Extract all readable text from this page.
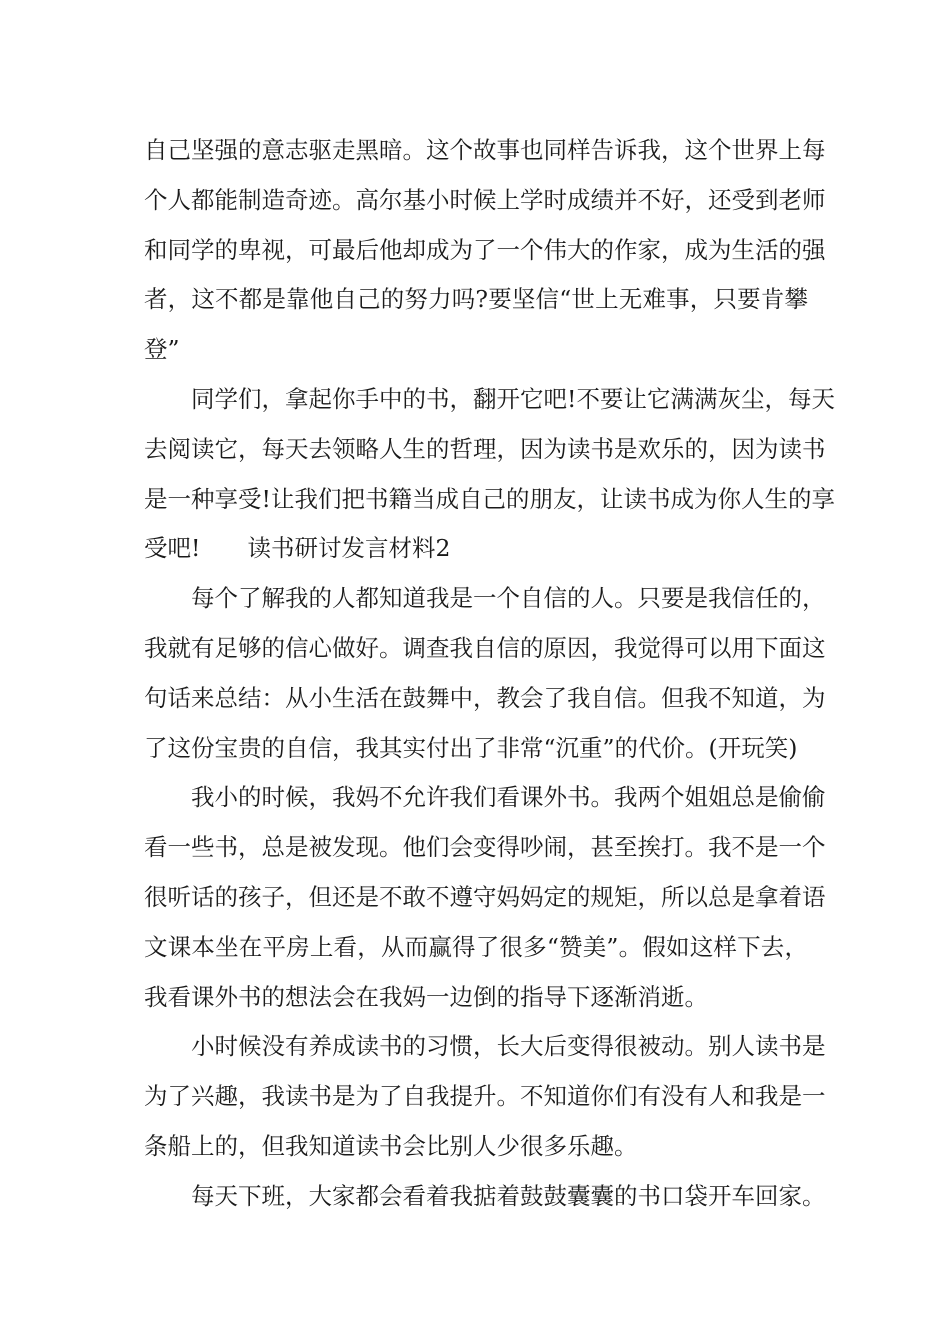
自己坚强的意志驱走黑暗。这个故事也同样告诉我，这个世界上每
个人都能制造奇迹。高尔基小时候上学时成绩并不好，还受到老师
和同学的卑视，可最后他却成为了一个伟大的作家，成为生活的强
者，这不都是靠他自己的努力吗?要坚信“世上无难事，只要肯攀
登”
同学们，拿起你手中的书，翻开它吧!不要让它满满灰尘，每天
去阅读它，每天去领略人生的哲理，因为读书是欢乐的，因为读书
是一种享受!让我们把书籍当成自己的朋友，让读书成为你人生的享
受吧! 读书研讨发言材料2
每个了解我的人都知道我是一个自信的人。只要是我信任的，
我就有足够的信心做好。调查我自信的原因，我觉得可以用下面这
句话来总结：从小生活在鼓舞中，教会了我自信。但我不知道，为
了这份宝贵的自信，我其实付出了非常“沉重”的代价。(开玩笑)
我小的时候，我妈不允许我们看课外书。我两个姐姐总是偷偷
看一些书，总是被发现。他们会变得吵闹，甚至挨打。我不是一个
很听话的孩子，但还是不敢不遵守妈妈定的规矩，所以总是拿着语
文课本坐在平房上看，从而赢得了很多“赞美”。假如这样下去，
我看课外书的想法会在我妈一边倒的指导下逐渐消逝。
小时候没有养成读书的习惯，长大后变得很被动。别人读书是
为了兴趣，我读书是为了自我提升。不知道你们有没有人和我是一
条船上的，但我知道读书会比别人少很多乐趣。
每天下班，大家都会看着我掂着鼓鼓囊囊的书口袋开车回家。
